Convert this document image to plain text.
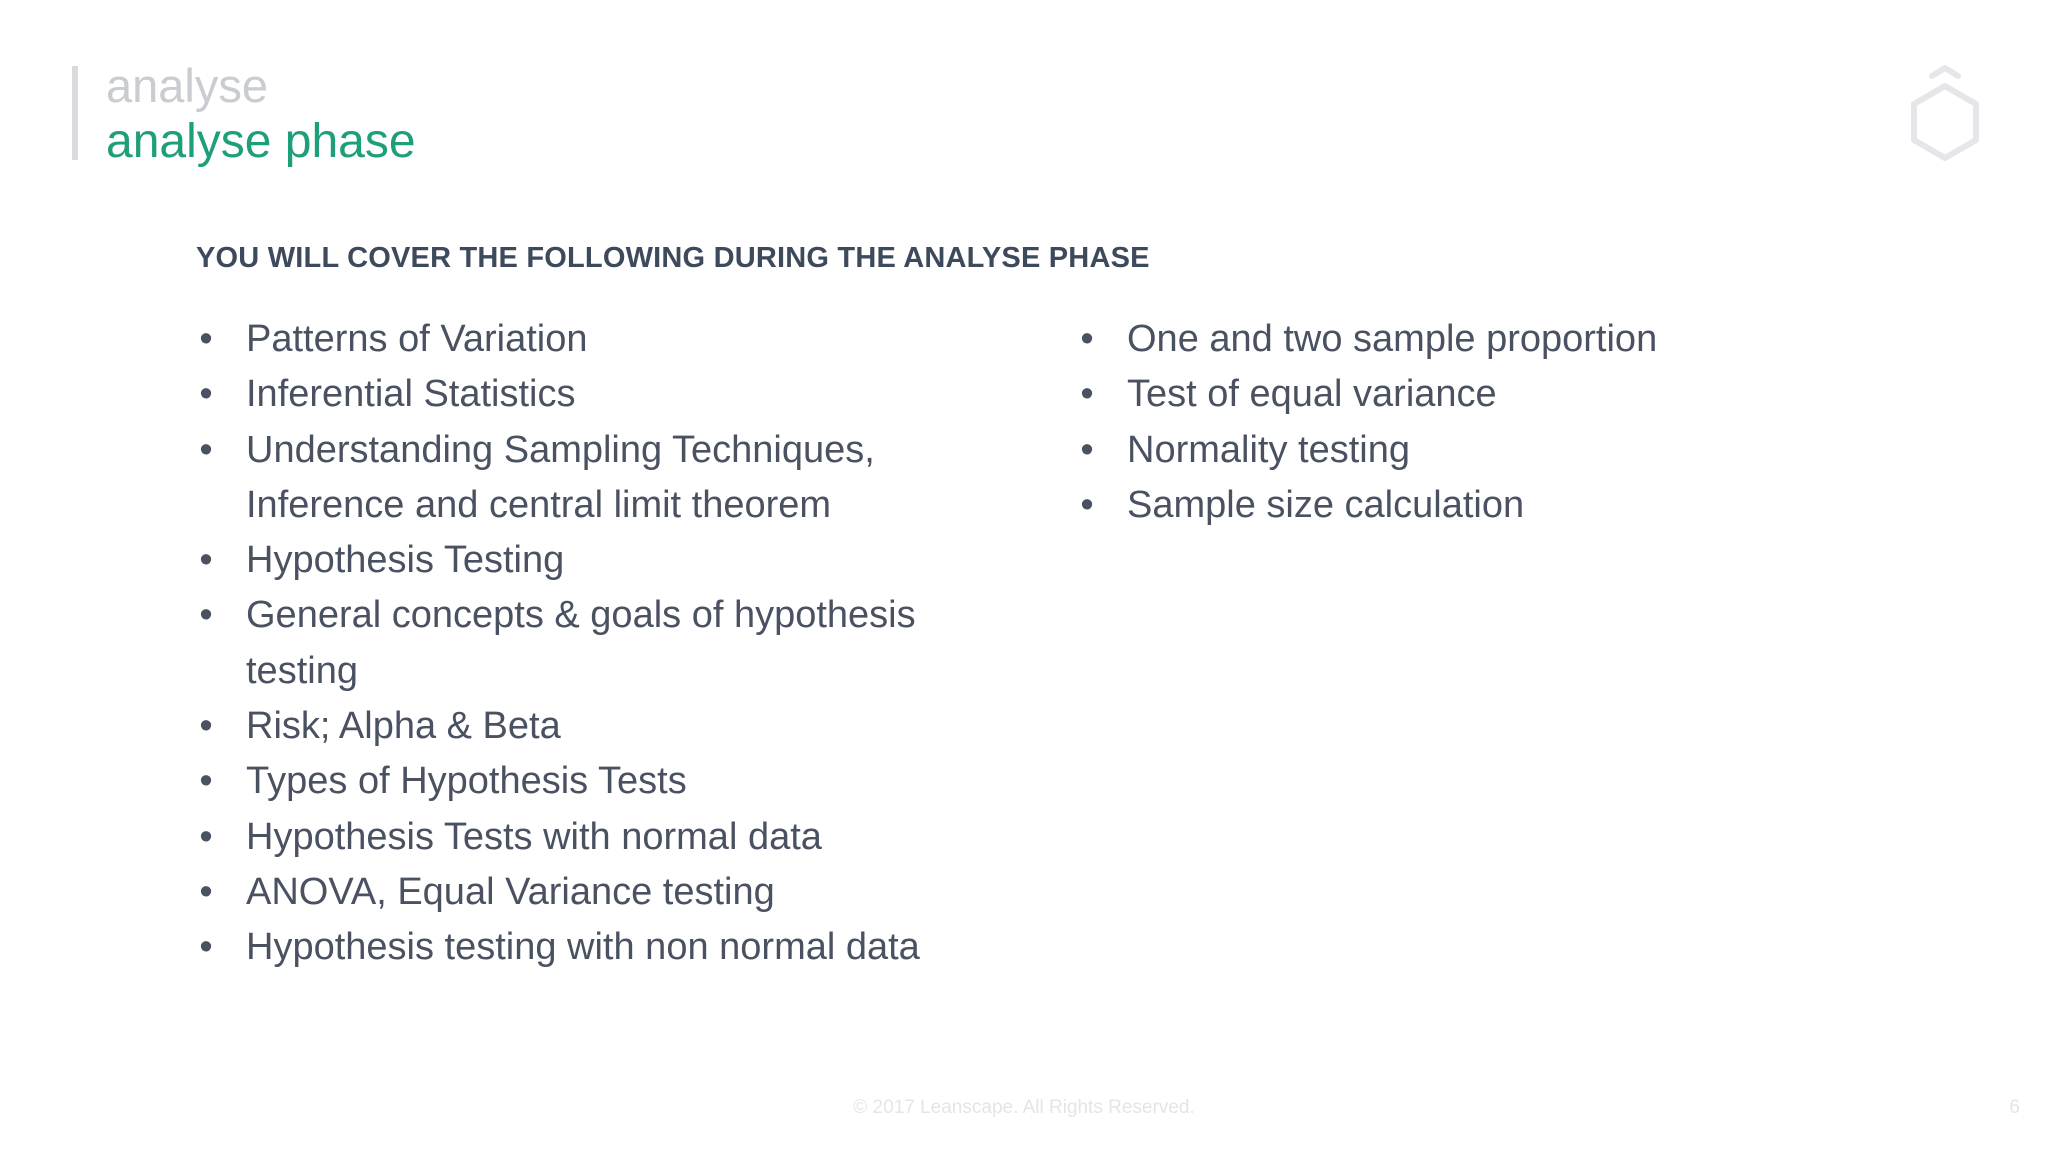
analyse
analyse phase
YOU WILL COVER THE FOLLOWING DURING THE ANALYSE PHASE
• Patterns of Variation
• Inferential Statistics
• Understanding Sampling Techniques, Inference and central limit theorem
• Hypothesis Testing
• General concepts & goals of hypothesis testing
• Risk; Alpha & Beta
• Types of Hypothesis Tests
• Hypothesis Tests with normal data
• ANOVA, Equal Variance testing
• Hypothesis testing with non normal data
• One and two sample proportion
• Test of equal variance
• Normality testing
• Sample size calculation
© 2017 Leanscape. All Rights Reserved.	6
